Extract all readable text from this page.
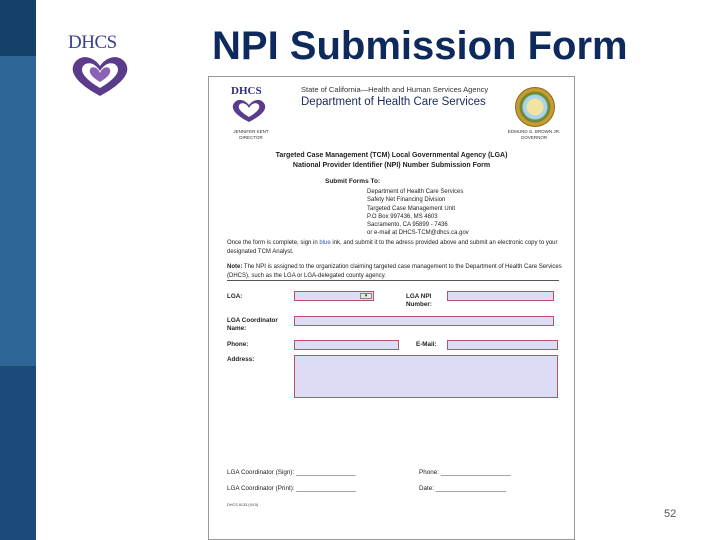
DHCS NPI Submission Form
DHCS
JENNIFER KENT
DIRECTOR
State of California—Health and Human Services Agency
Department of Health Care Services
EDMUND G. BROWN JR.
GOVERNOR
Targeted Case Management (TCM) Local Governmental Agency (LGA)
National Provider Identifier (NPI) Number Submission Form
Submit Forms To:
Department of Health Care Services
Safety Net Financing Division
Targeted Case Management Unit
P.O Box 997436, MS 4603
Sacramento, CA 95899 - 7436
or e-mail at DHCS-TCM@dhcs.ca.gov
Once the form is complete, sign in blue ink, and submit it to the adress provided above and submit an electronic copy to your designated TCM Analyst.
Note: The NPI is assigned to the organization claiming targeted case management to the Department of Health Care Services (DHCS), such as the LGA or LGA-delegated county agency.
LGA:	▾	LGA NPI
Number:
LGA Coordinator
Name:
Phone:	E-Mail:
Address:
LGA Coordinator (Sign): _________________	Phone: ____________________
LGA Coordinator (Print): _________________	Date: ____________________
DHCS 6133 (9/15)
52
